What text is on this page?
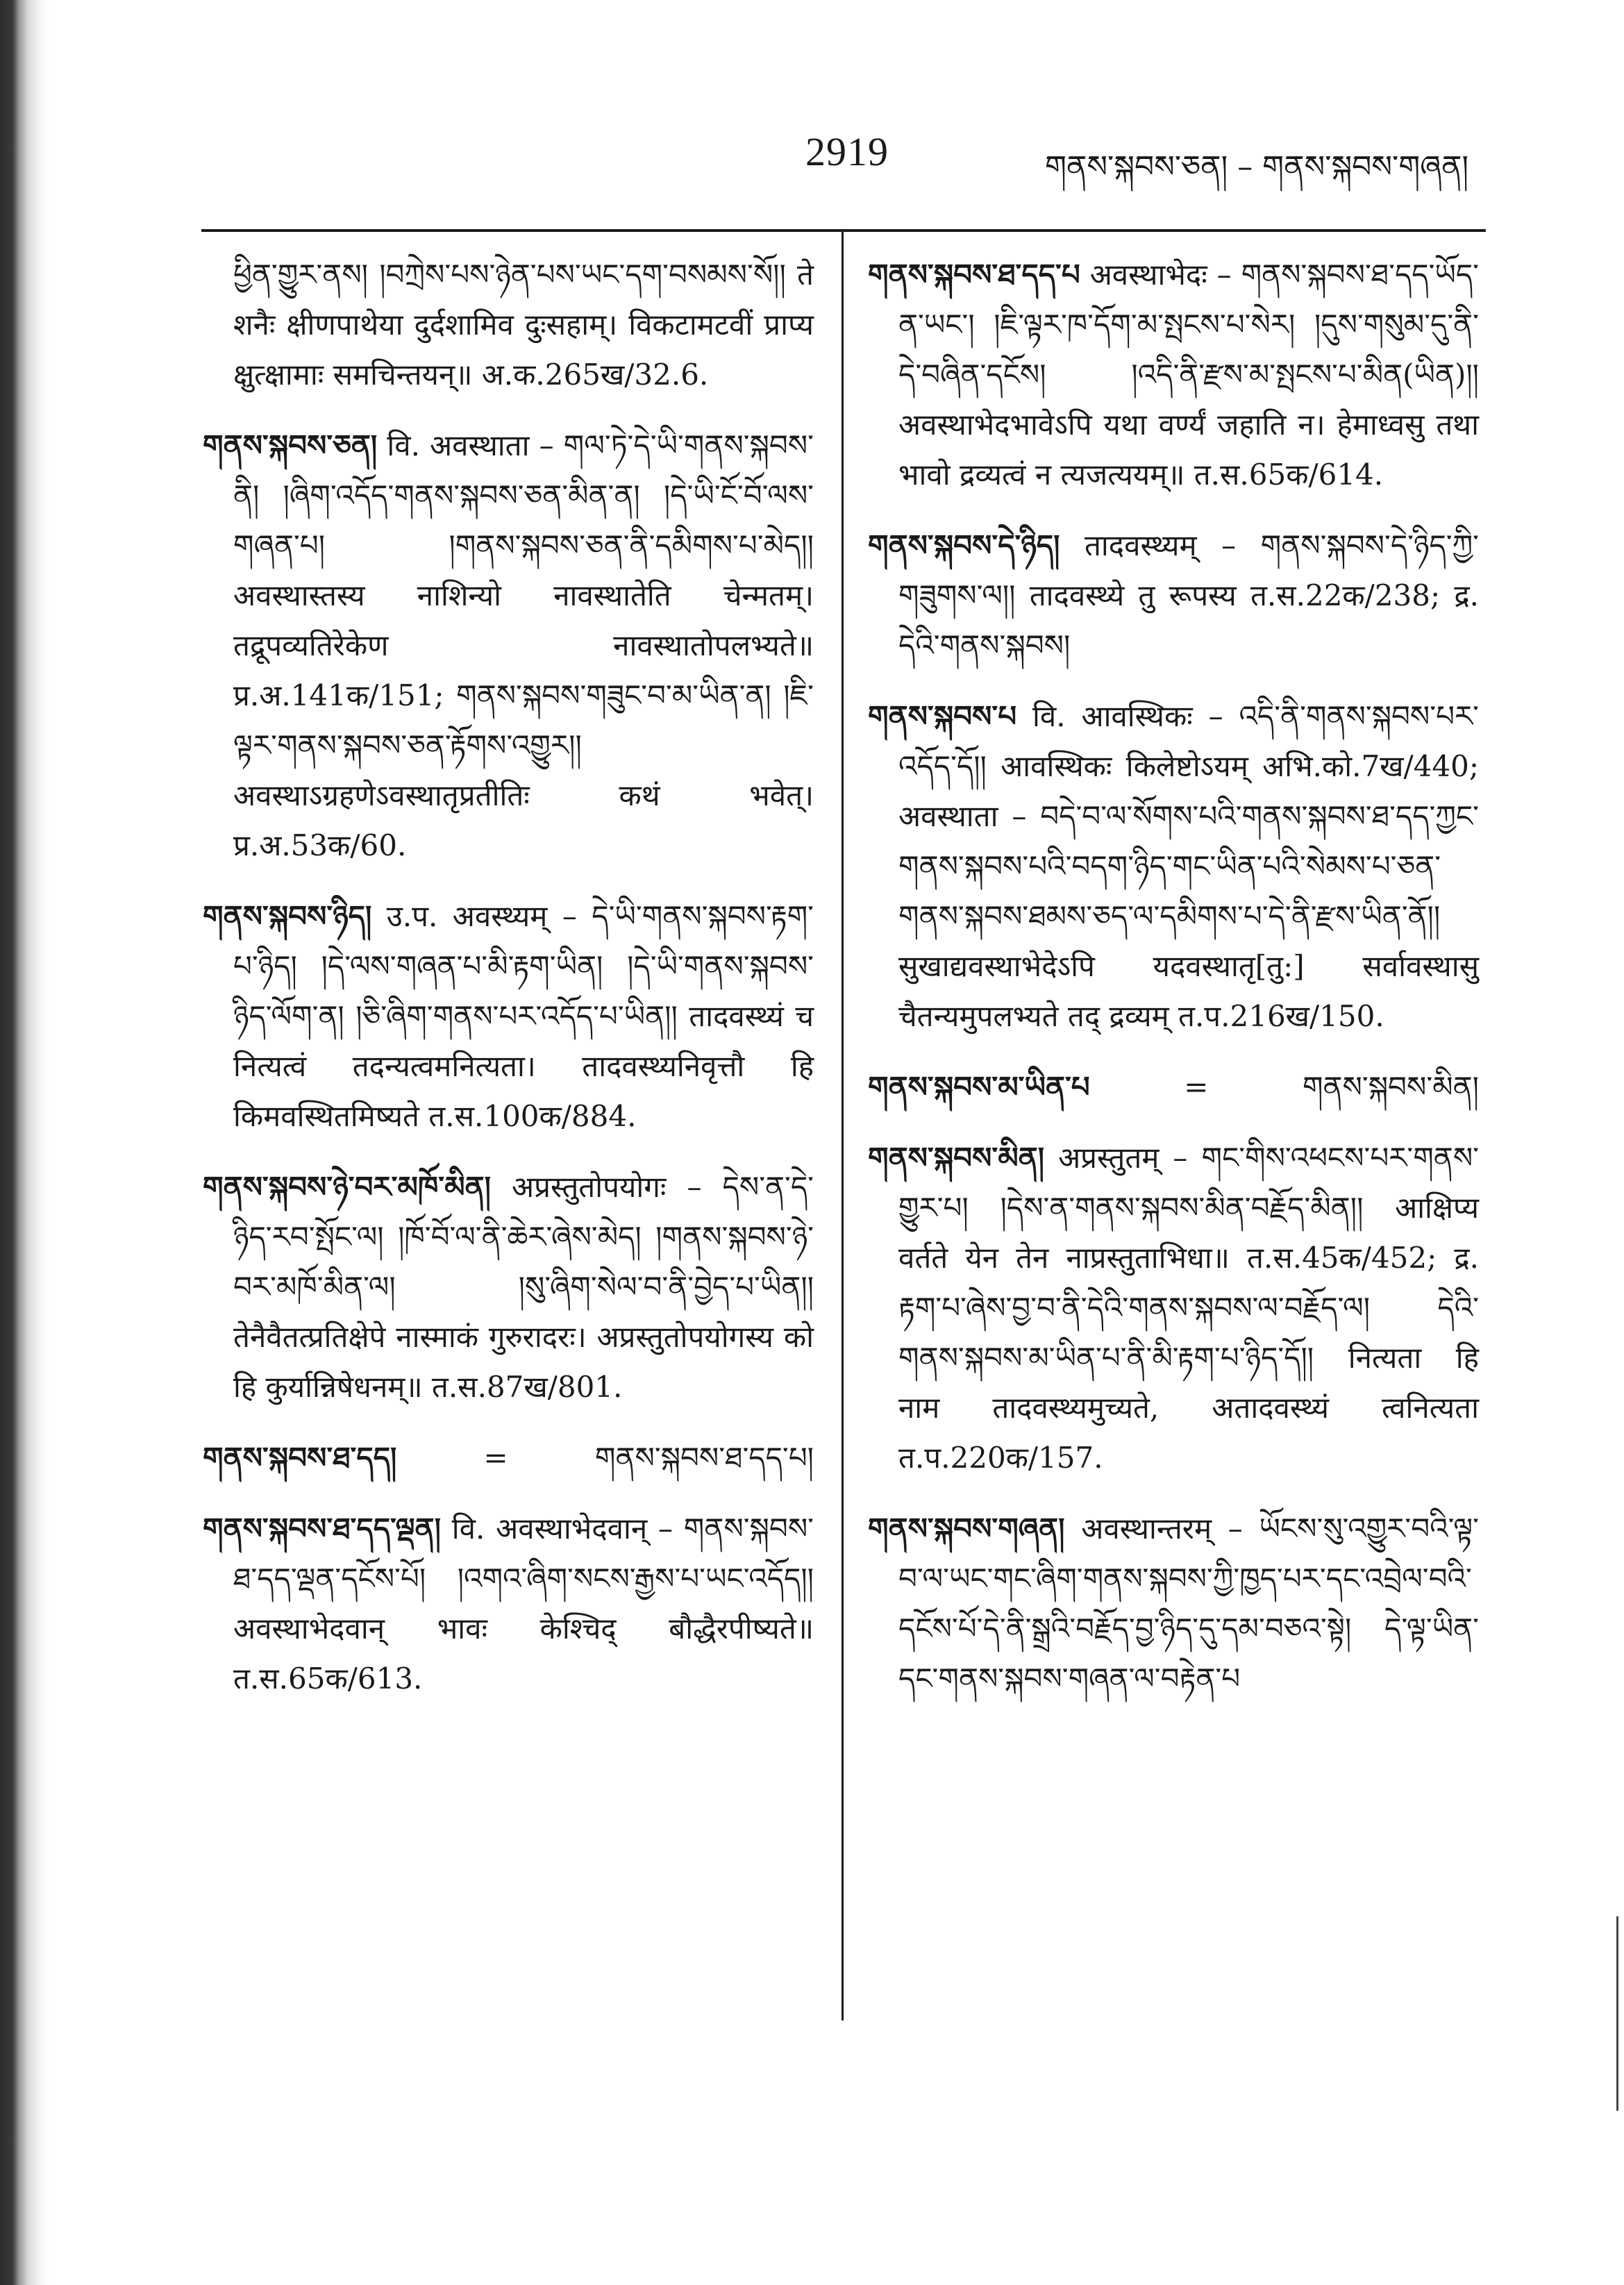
2919	གནས་སྐབས་ཅན། – གནས་སྐབས་གཞན།

ཕྱིན་གྱུར་ནས། །བཀྲེས་པས་ཉེན་པས་ཡང་དག་བསམས་སོ།། ते शनैः क्षीणपाथेया दुर्दशामिव दुःसहाम्। विकटामटवीं प्राप्य क्षुत्क्षामाः समचिन्तयन्॥ अ.क.265ख/32.6.

གནས་སྐབས་ཅན། वि. अवस्थाता – གལ་ཏེ་དེ་ཡི་གནས་སྐབས་ནི། །ཞིག་འདོད་གནས་སྐབས་ཅན་མིན་ན། །དེ་ཡི་ངོ་བོ་ལས་གཞན་པ། །གནས་སྐབས་ཅན་ནི་དམིགས་པ་མེད།། अवस्थास्तस्य नाशिन्यो नावस्थातेति चेन्मतम्। तद्रूपव्यतिरेकेण नावस्थातोपलभ्यते॥ प्र.अ.141क/151; གནས་སྐབས་གཟུང་བ་མ་ཡིན་ན། །ཇི་ལྟར་གནས་སྐབས་ཅན་རྟོགས་འགྱུར།། अवस्थाऽग्रहणेऽवस्थातृप्रतीतिः कथं भवेत्। प्र.अ.53क/60.

གནས་སྐབས་ཉིད། उ.प. अवस्थ्यम् – དེ་ཡི་གནས་སྐབས་རྟག་པ་ཉིད། །དེ་ལས་གཞན་པ་མི་རྟག་ཡིན། །དེ་ཡི་གནས་སྐབས་ཉིད་ལོག་ན། །ཅི་ཞིག་གནས་པར་འདོད་པ་ཡིན།། तादवस्थ्यं च नित्यत्वं तदन्यत्वमनित्यता। तादवस्थ्यनिवृत्तौ हि किमवस्थितमिष्यते त.स.100क/884.

གནས་སྐབས་ཉེ་བར་མཁོ་མིན། अप्रस्तुतोपयोगः – དེས་ན་དེ་ཉིད་རབ་སྤོང་ལ། །ཁོ་བོ་ལ་ནི་ཆེར་ཞེས་མེད། །གནས་སྐབས་ཉེ་བར་མཁོ་མིན་ལ། །སུ་ཞིག་སེལ་བ་ནི་བྱེད་པ་ཡིན།། तेनैवैतत्प्रतिक्षेपे नास्माकं गुरुरादरः। अप्रस्तुतोपयोगस्य को हि कुर्यान्निषेधनम्॥ त.स.87ख/801.

གནས་སྐབས་ཐ་དད།	=	གནས་སྐབས་ཐ་དད་པ།

གནས་སྐབས་ཐ་དད་ལྡན། वि. अवस्थाभेदवान् – གནས་སྐབས་ཐ་དད་ལྡན་དངོས་པོ། །འགའ་ཞིག་སངས་རྒྱས་པ་ཡང་འདོད།། अवस्थाभेदवान् भावः केश्चिद् बौद्धैरपीष्यते॥ त.स.65क/613.

གནས་སྐབས་ཐ་དད་པ अवस्थाभेदः – གནས་སྐབས་ཐ་དད་ཡོད་ན་ཡང་། །ཇི་ལྟར་ཁ་དོག་མ་སྤངས་པ་སེར། །དུས་གསུམ་དུ་ནི་དེ་བཞིན་དངོས། །འདི་ནི་རྫས་མ་སྤངས་པ་མིན(ཡིན)།། अवस्थाभेदभावेऽपि यथा वर्ण्यं जहाति न। हेमाध्वसु तथा भावो द्रव्यत्वं न त्यजत्ययम्॥ त.स.65क/614.

གནས་སྐབས་དེ་ཉིད། तादवस्थ्यम् – གནས་སྐབས་དེ་ཉིད་ཀྱི་གཟུགས་ལ།། तादवस्थ्ये तु रूपस्य त.स.22क/238; द्र. དེའི་གནས་སྐབས།

གནས་སྐབས་པ वि. आवस्थिकः – འདི་ནི་གནས་སྐབས་པར་འདོད་དོ།། आवस्थिकः किलेष्टोऽयम् अभि.को.7ख/440; अवस्थाता – བདེ་བ་ལ་སོགས་པའི་གནས་སྐབས་ཐ་དད་ཀྱང་གནས་སྐབས་པའི་བདག་ཉིད་གང་ཡིན་པའི་སེམས་པ་ཅན་གནས་སྐབས་ཐམས་ཅད་ལ་དམིགས་པ་དེ་ནི་རྫས་ཡིན་ནོ།། सुखाद्यवस्थाभेदेऽपि यदवस्थातृ[तु:] सर्वावस्थासु चैतन्यमुपलभ्यते तद् द्रव्यम् त.प.216ख/150.

གནས་སྐབས་མ་ཡིན་པ	=	གནས་སྐབས་མིན།

གནས་སྐབས་མིན། अप्रस्तुतम् – གང་གིས་འཕངས་པར་གནས་གྱུར་པ། །དེས་ན་གནས་སྐབས་མིན་བརྗོད་མིན།། आक्षिप्य वर्तते येन तेन नाप्रस्तुताभिधा॥ त.स.45क/452; द्र. རྟག་པ་ཞེས་བྱ་བ་ནི་དེའི་གནས་སྐབས་ལ་བརྗོད་ལ། དེའི་གནས་སྐབས་མ་ཡིན་པ་ནི་མི་རྟག་པ་ཉིད་དོ།། नित्यता हि नाम तादवस्थ्यमुच्यते, अतादवस्थ्यं त्वनित्यता त.प.220क/157.

གནས་སྐབས་གཞན། अवस्थान्तरम् – ཡོངས་སུ་འགྱུར་བའི་ལྟ་བ་ལ་ཡང་གང་ཞིག་གནས་སྐབས་ཀྱི་ཁྱད་པར་དང་འབྲེལ་བའི་དངོས་པོ་དེ་ནི་སྒྲའི་བརྗོད་བྱ་ཉིད་དུ་དམ་བཅའ་སྟེ། དེ་ལྟ་ཡིན་དང་གནས་སྐབས་གཞན་ལ་བརྟེན་པ
